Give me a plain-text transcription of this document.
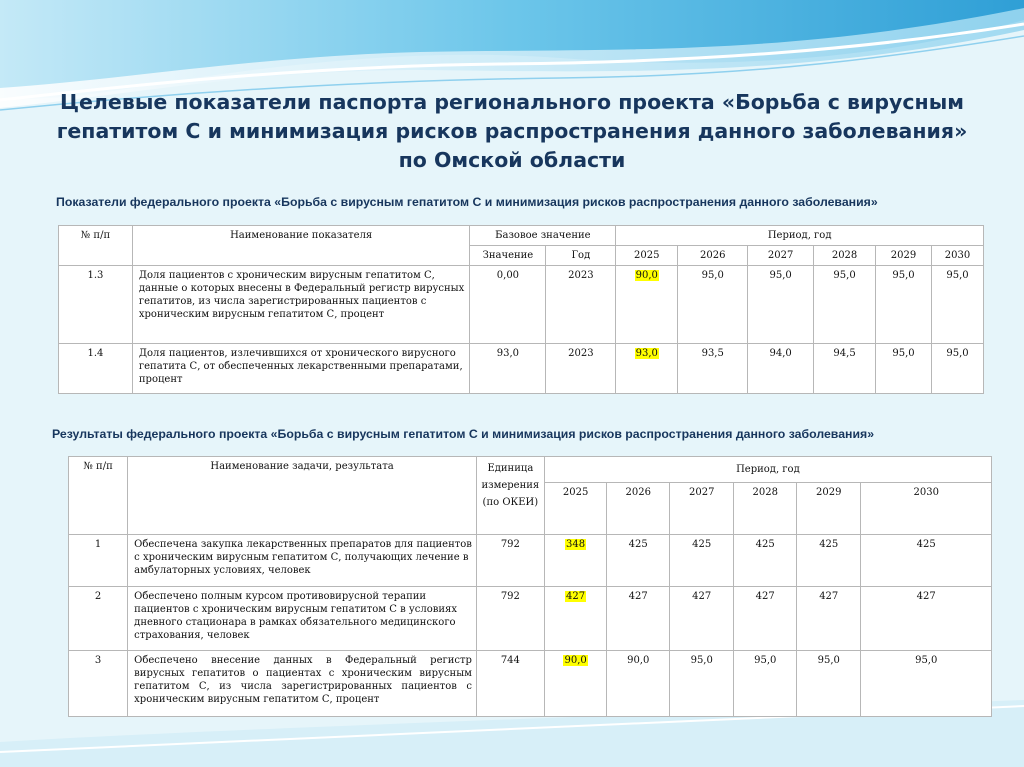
Целевые показатели паспорта регионального проекта «Борьба с вирусным гепатитом С и минимизация рисков распространения данного заболевания» по Омской области
Показатели федерального проекта «Борьба с вирусным гепатитом С и минимизация рисков распространения данного заболевания»
№ п/п	Наименование показателя	Базовое значение		Период, год					
		Значение	Год	2025	2026	2027	2028	2029	2030
1.3	Доля пациентов с хроническим вирусным гепатитом С, данные о которых внесены в Федеральный регистр вирусных гепатитов, из числа зарегистрированных пациентов с хроническим вирусным гепатитом С, процент	0,00	2023	90,0	95,0	95,0	95,0	95,0	95,0
1.4	Доля пациентов, излечившихся от хронического вирусного гепатита С, от обеспеченных лекарственными препаратами, процент	93,0	2023	93,0	93,5	94,0	94,5	95,0	95,0
Результаты федерального проекта «Борьба с вирусным гепатитом С и минимизация рисков распространения данного заболевания»
№ п/п	Наименование задачи, результата	Единица измерения (по ОКЕИ)	Период, год					
			2025	2026	2027	2028	2029	2030
1	Обеспечена закупка лекарственных препаратов для пациентов с хроническим вирусным гепатитом С, получающих лечение в амбулаторных условиях, человек	792	348	425	425	425	425	425
2	Обеспечено полным курсом противовирусной терапии пациентов с хроническим вирусным гепатитом С в условиях дневного стационара в рамках обязательного медицинского страхования, человек	792	427	427	427	427	427	427
3	Обеспечено внесение данных в Федеральный регистр вирусных гепатитов о пациентах с хроническим вирусным гепатитом С, из числа зарегистрированных пациентов с хроническим вирусным гепатитом С, процент	744	90,0	90,0	95,0	95,0	95,0	95,0
